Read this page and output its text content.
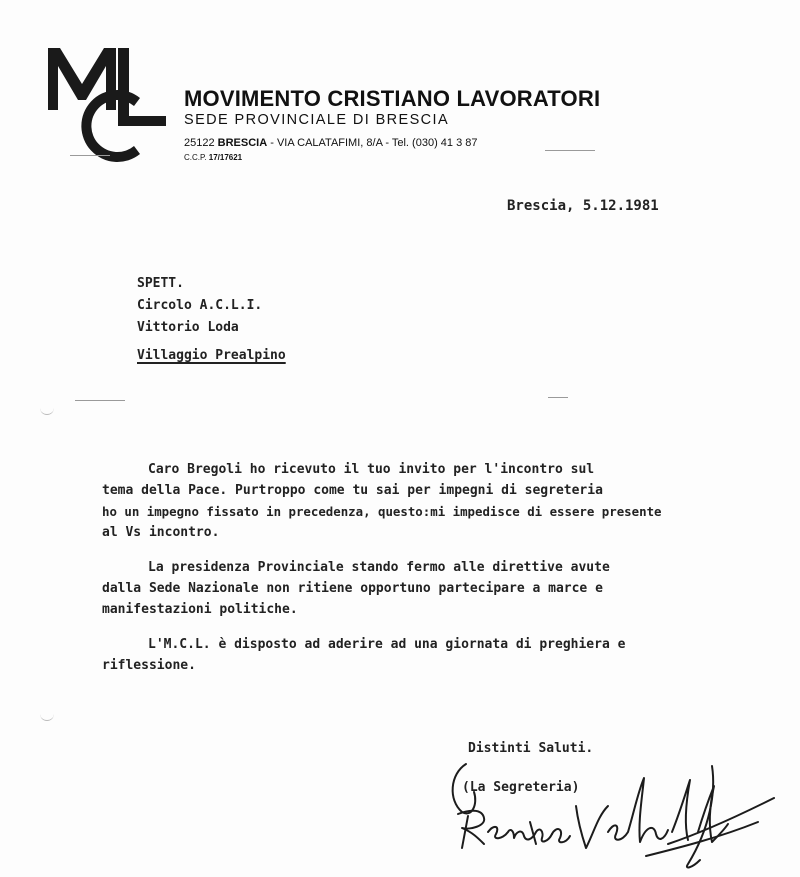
MOVIMENTO CRISTIANO LAVORATORI
SEDE PROVINCIALE DI BRESCIA
25122 BRESCIA - VIA CALATAFIMI, 8/A - Tel. (030) 41 3 87
C.C.P. 17/17621
Brescia, 5.12.1981
SPETT.
Circolo A.C.L.I.
Vittorio Loda
Villaggio Prealpino
Caro Bregoli ho ricevuto il tuo invito per l'incontro sul
tema della Pace. Purtroppo come tu sai per impegni di segreteria
ho un impegno fissato in precedenza, questo:mi impedisce di essere presente
al Vs incontro.
La presidenza Provinciale stando fermo alle direttive avute
dalla Sede Nazionale non ritiene opportuno partecipare a marce e
manifestazioni politiche.
L'M.C.L. è disposto ad aderire ad una giornata di preghiera e
riflessione.
Distinti Saluti.
(La Segreteria)
